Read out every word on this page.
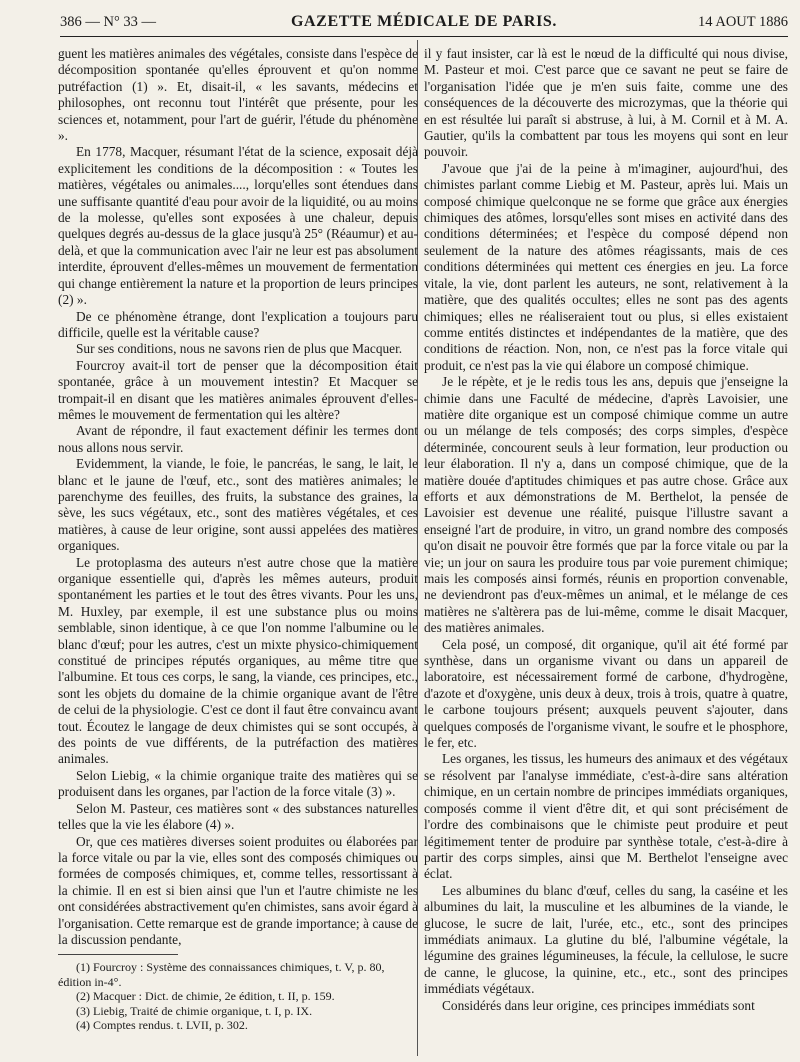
386 — N° 33 —	GAZETTE MÉDICALE DE PARIS.	14 AOUT 1886

guent les matières animales des végétales, consiste dans l'espèce de décomposition spontanée qu'elles éprouvent et qu'on nomme putréfaction (1) ». Et, disait-il, « les savants, médecins et philosophes, ont reconnu tout l'intérêt que présente, pour les sciences et, notamment, pour l'art de guérir, l'étude du phénomène ».

En 1778, Macquer, résumant l'état de la science, exposait déjà explicitement les conditions de la décomposition : « Toutes les matières, végétales ou animales...., lorqu'elles sont étendues dans une suffisante quantité d'eau pour avoir de la liquidité, ou au moins de la molesse, qu'elles sont exposées à une chaleur, depuis quelques degrés au-dessus de la glace jusqu'à 25° (Réaumur) et au-delà, et que la communication avec l'air ne leur est pas absolument interdite, éprouvent d'elles-mêmes un mouvement de fermentation qui change entièrement la nature et la proportion de leurs principes (2) ».

De ce phénomène étrange, dont l'explication a toujours paru difficile, quelle est la véritable cause?

Sur ses conditions, nous ne savons rien de plus que Macquer.

Fourcroy avait-il tort de penser que la décomposition était spontanée, grâce à un mouvement intestin? Et Macquer se trompait-il en disant que les matières animales éprouvent d'elles-mêmes le mouvement de fermentation qui les altère?

Avant de répondre, il faut exactement définir les termes dont nous allons nous servir.

Evidemment, la viande, le foie, le pancréas, le sang, le lait, le blanc et le jaune de l'œuf, etc., sont des matières animales; le parenchyme des feuilles, des fruits, la substance des graines, la sève, les sucs végétaux, etc., sont des matières végétales, et ces matières, à cause de leur origine, sont aussi appelées des matières organiques.

Le protoplasma des auteurs n'est autre chose que la matière organique essentielle qui, d'après les mêmes auteurs, produit spontanément les parties et le tout des êtres vivants. Pour les uns, M. Huxley, par exemple, il est une substance plus ou moins semblable, sinon identique, à ce que l'on nomme l'albumine ou le blanc d'œuf; pour les autres, c'est un mixte physico-chimiquement constitué de principes réputés organiques, au même titre que l'albumine. Et tous ces corps, le sang, la viande, ces principes, etc., sont les objets du domaine de la chimie organique avant de l'être de celui de la physiologie. C'est ce dont il faut être convaincu avant tout. Écoutez le langage de deux chimistes qui se sont occupés, à des points de vue différents, de la putréfaction des matières animales.

Selon Liebig, « la chimie organique traite des matières qui se produisent dans les organes, par l'action de la force vitale (3) ».

Selon M. Pasteur, ces matières sont « des substances naturelles telles que la vie les élabore (4) ».

Or, que ces matières diverses soient produites ou élaborées par la force vitale ou par la vie, elles sont des composés chimiques ou formées de composés chimiques, et, comme telles, ressortissant à la chimie. Il en est si bien ainsi que l'un et l'autre chimiste ne les ont considérées abstractivement qu'en chimistes, sans avoir égard à l'organisation. Cette remarque est de grande importance; à cause de la discussion pendante,

(1) Fourcroy : Système des connaissances chimiques, t. V, p. 80, édition in-4°.

(2) Macquer : Dict. de chimie, 2e édition, t. II, p. 159.

(3) Liebig, Traité de chimie organique, t. I, p. IX.

(4) Comptes rendus. t. LVII, p. 302.

il y faut insister, car là est le nœud de la difficulté qui nous divise, M. Pasteur et moi. C'est parce que ce savant ne peut se faire de l'organisation l'idée que je m'en suis faite, comme une des conséquences de la découverte des microzymas, que la théorie qui en est résultée lui paraît si abstruse, à lui, à M. Cornil et à M. A. Gautier, qu'ils la combattent par tous les moyens qui sont en leur pouvoir.

J'avoue que j'ai de la peine à m'imaginer, aujourd'hui, des chimistes parlant comme Liebig et M. Pasteur, après lui. Mais un composé chimique quelconque ne se forme que grâce aux énergies chimiques des atômes, lorsqu'elles sont mises en activité dans des conditions déterminées; et l'espèce du composé dépend non seulement de la nature des atômes réagissants, mais de ces conditions déterminées qui mettent ces énergies en jeu. La force vitale, la vie, dont parlent les auteurs, ne sont, relativement à la matière, que des qualités occultes; elles ne sont pas des agents chimiques; elles ne réaliseraient tout ou plus, si elles existaient comme entités distinctes et indépendantes de la matière, que des conditions de réaction. Non, non, ce n'est pas la force vitale qui produit, ce n'est pas la vie qui élabore un composé chimique.

Je le répète, et je le redis tous les ans, depuis que j'enseigne la chimie dans une Faculté de médecine, d'après Lavoisier, une matière dite organique est un composé chimique comme un autre ou un mélange de tels composés; des corps simples, d'espèce déterminée, concourent seuls à leur formation, leur production ou leur élaboration. Il n'y a, dans un composé chimique, que de la matière douée d'aptitudes chimiques et pas autre chose. Grâce aux efforts et aux démonstrations de M. Berthelot, la pensée de Lavoisier est devenue une réalité, puisque l'illustre savant a enseigné l'art de produire, in vitro, un grand nombre des composés qu'on disait ne pouvoir être formés que par la force vitale ou par la vie; un jour on saura les produire tous par voie purement chimique; mais les composés ainsi formés, réunis en proportion convenable, ne deviendront pas d'eux-mêmes un animal, et le mélange de ces matières ne s'altèrera pas de lui-même, comme le disait Macquer, des matières animales.

Cela posé, un composé, dit organique, qu'il ait été formé par synthèse, dans un organisme vivant ou dans un appareil de laboratoire, est nécessairement formé de carbone, d'hydrogène, d'azote et d'oxygène, unis deux à deux, trois à trois, quatre à quatre, le carbone toujours présent; auxquels peuvent s'ajouter, dans quelques composés de l'organisme vivant, le soufre et le phosphore, le fer, etc.

Les organes, les tissus, les humeurs des animaux et des végétaux se résolvent par l'analyse immédiate, c'est-à-dire sans altération chimique, en un certain nombre de principes immédiats organiques, composés comme il vient d'être dit, et qui sont précisément de l'ordre des combinaisons que le chimiste peut produire et peut légitimement tenter de produire par synthèse totale, c'est-à-dire à partir des corps simples, ainsi que M. Berthelot l'enseigne avec éclat.

Les albumines du blanc d'œuf, celles du sang, la caséine et les albumines du lait, la musculine et les albumines de la viande, le glucose, le sucre de lait, l'urée, etc., etc., sont des principes immédiats animaux. La glutine du blé, l'albumine végétale, la légumine des graines légumineuses, la fécule, la cellulose, le sucre de canne, le glucose, la quinine, etc., etc., sont des principes immédiats végétaux.

Considérés dans leur origine, ces principes immédiats sont
